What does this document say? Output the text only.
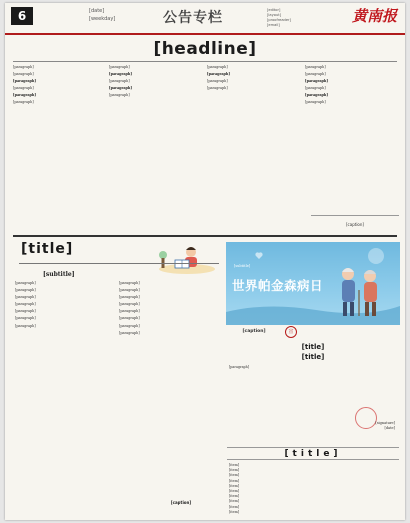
6	[date]
[weekday]	公告专栏	[editor]
[layout]
[proofreader]
[email]	黄南报
[headline]

[paragraph]

[paragraph]

[paragraph]

[paragraph]

[paragraph]

[paragraph]

[paragraph]

[paragraph]

[paragraph]

[paragraph]

[paragraph]

[paragraph]

[paragraph]

[paragraph]

[paragraph]

[paragraph]

[paragraph]

[paragraph]

[paragraph]

[paragraph]

[paragraph]

[caption]
[title]
[subtitle]

[paragraph]

[paragraph]

[paragraph]

[paragraph]

[paragraph]

[paragraph]

[paragraph]

[paragraph]

[paragraph]

[paragraph]

[paragraph]

[paragraph]

[paragraph]

[paragraph]

[paragraph]

[caption]
[subtitle]
世界帕金森病日
[caption]	宣
[title]
[title]
[paragraph]
[signature]
[date]
[title]

[item]

[item]

[item]

[item]

[item]

[item]

[item]

[item]

[item]

[item]
